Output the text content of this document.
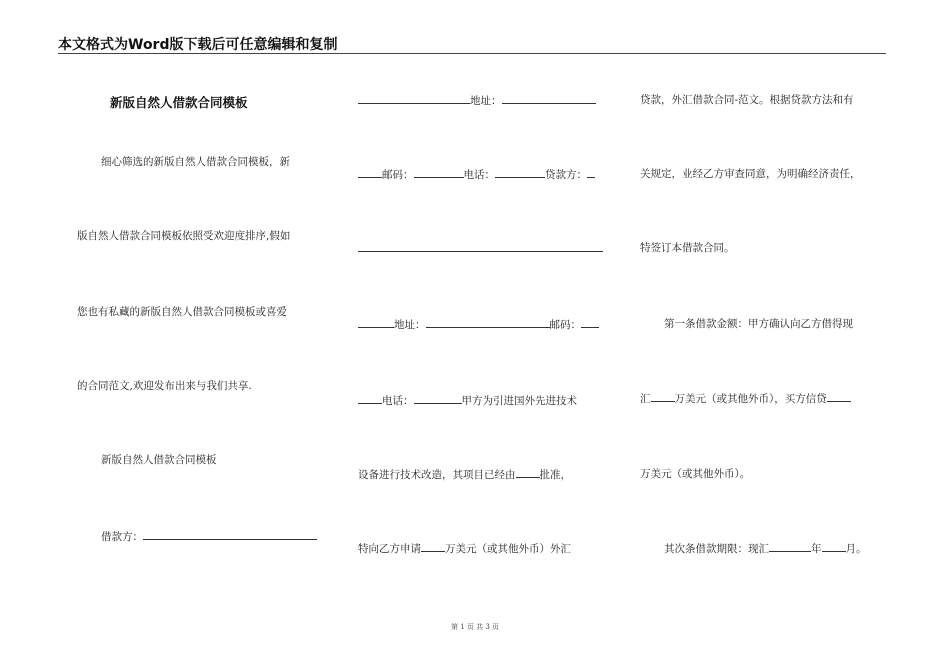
本文格式为Word版下载后可任意编辑和复制
新版自然人借款合同模板
细心筛选的新版自然人借款合同模板，新
版自然人借款合同模板依照受欢迎度排序,假如
您也有私藏的新版自然人借款合同模板或喜爱
的合同范文,欢迎发布出来与我们共享.
新版自然人借款合同模板
借款方：
地址：
邮码：	电话：	贷款方：
地址：	邮码：
电话：	甲方为引进国外先进技术
设备进行技术改造，其项目已经由 批准，
特向乙方申请 万美元（或其他外币）外汇
贷款，外汇借款合同-范文。根据贷款方法和有
关规定，业经乙方审查同意，为明确经济责任，
特签订本借款合同。
第一条借款金额：甲方确认向乙方借得现
汇 万美元（或其他外币），买方信贷
万美元（或其他外币）。
其次条借款期限：现汇	年 月。
第 1 页 共 3 页
